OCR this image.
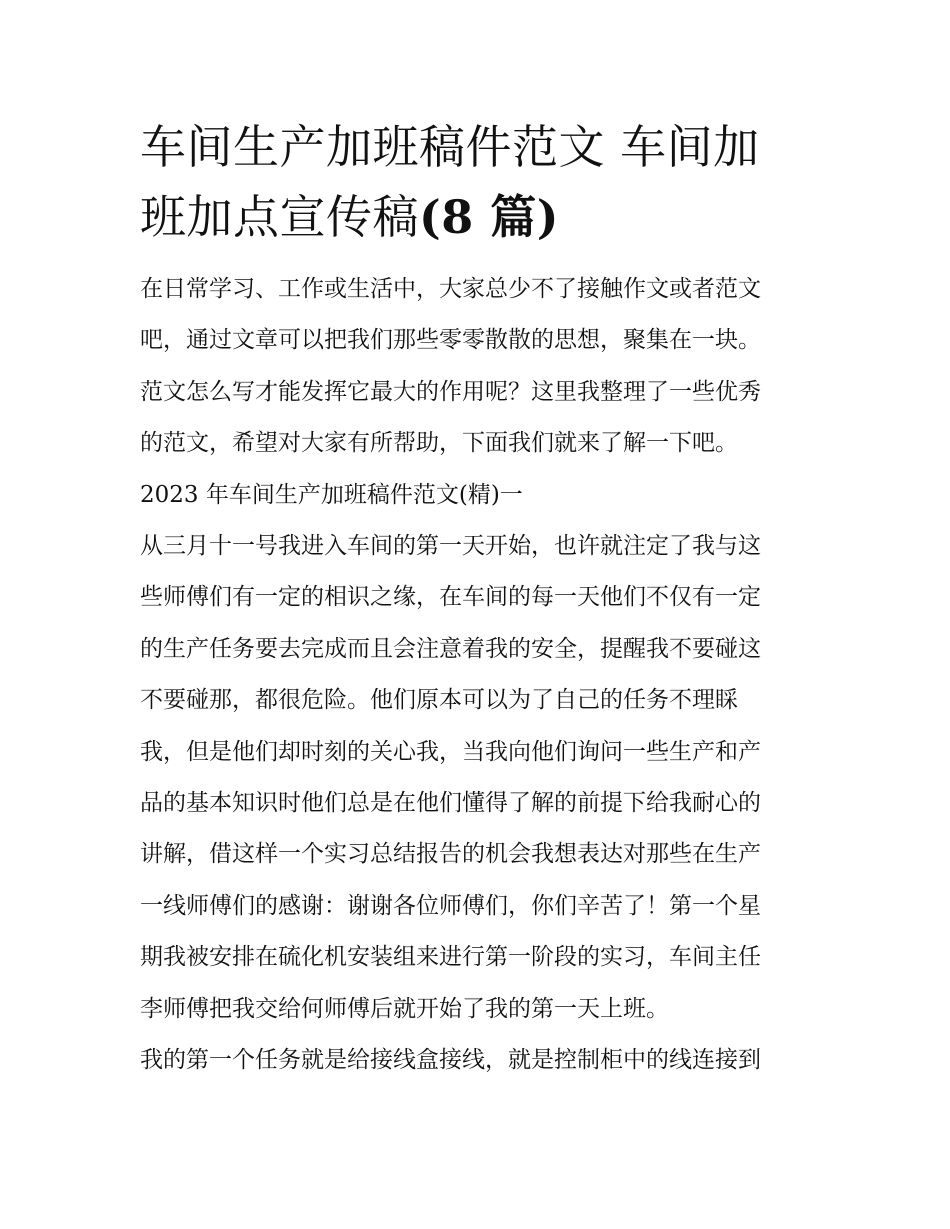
车间生产加班稿件范文 车间加
班加点宣传稿(8 篇)

在日常学习、工作或生活中，大家总少不了接触作文或者范文
吧，通过文章可以把我们那些零零散散的思想，聚集在一块。
范文怎么写才能发挥它最大的作用呢？这里我整理了一些优秀
的范文，希望对大家有所帮助，下面我们就来了解一下吧。

2023 年车间生产加班稿件范文(精)一

从三月十一号我进入车间的第一天开始，也许就注定了我与这
些师傅们有一定的相识之缘，在车间的每一天他们不仅有一定
的生产任务要去完成而且会注意着我的安全，提醒我不要碰这
不要碰那，都很危险。他们原本可以为了自己的任务不理睬
我，但是他们却时刻的关心我，当我向他们询问一些生产和产
品的基本知识时他们总是在他们懂得了解的前提下给我耐心的
讲解，借这样一个实习总结报告的机会我想表达对那些在生产
一线师傅们的感谢：谢谢各位师傅们，你们辛苦了！第一个星
期我被安排在硫化机安装组来进行第一阶段的实习，车间主任
李师傅把我交给何师傅后就开始了我的第一天上班。

我的第一个任务就是给接线盒接线，就是控制柜中的线连接到
